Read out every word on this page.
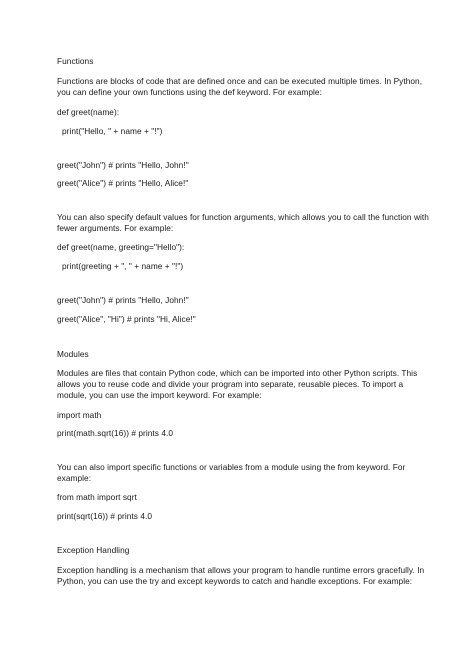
Functions

Functions are blocks of code that are defined once and can be executed multiple times. In Python,

you can define your own functions using the def keyword. For example:

def greet(name):

print("Hello, " + name + "!")

greet("John") # prints "Hello, John!"

greet("Alice") # prints "Hello, Alice!"

You can also specify default values for function arguments, which allows you to call the function with

fewer arguments. For example:

def greet(name, greeting="Hello"):

print(greeting + ", " + name + "!")

greet("John") # prints "Hello, John!"

greet("Alice", "Hi") # prints "Hi, Alice!"

Modules

Modules are files that contain Python code, which can be imported into other Python scripts. This

allows you to reuse code and divide your program into separate, reusable pieces. To import a

module, you can use the import keyword. For example:

import math

print(math.sqrt(16)) # prints 4.0

You can also import specific functions or variables from a module using the from keyword. For

example:

from math import sqrt

print(sqrt(16)) # prints 4.0

Exception Handling

Exception handling is a mechanism that allows your program to handle runtime errors gracefully. In

Python, you can use the try and except keywords to catch and handle exceptions. For example:
